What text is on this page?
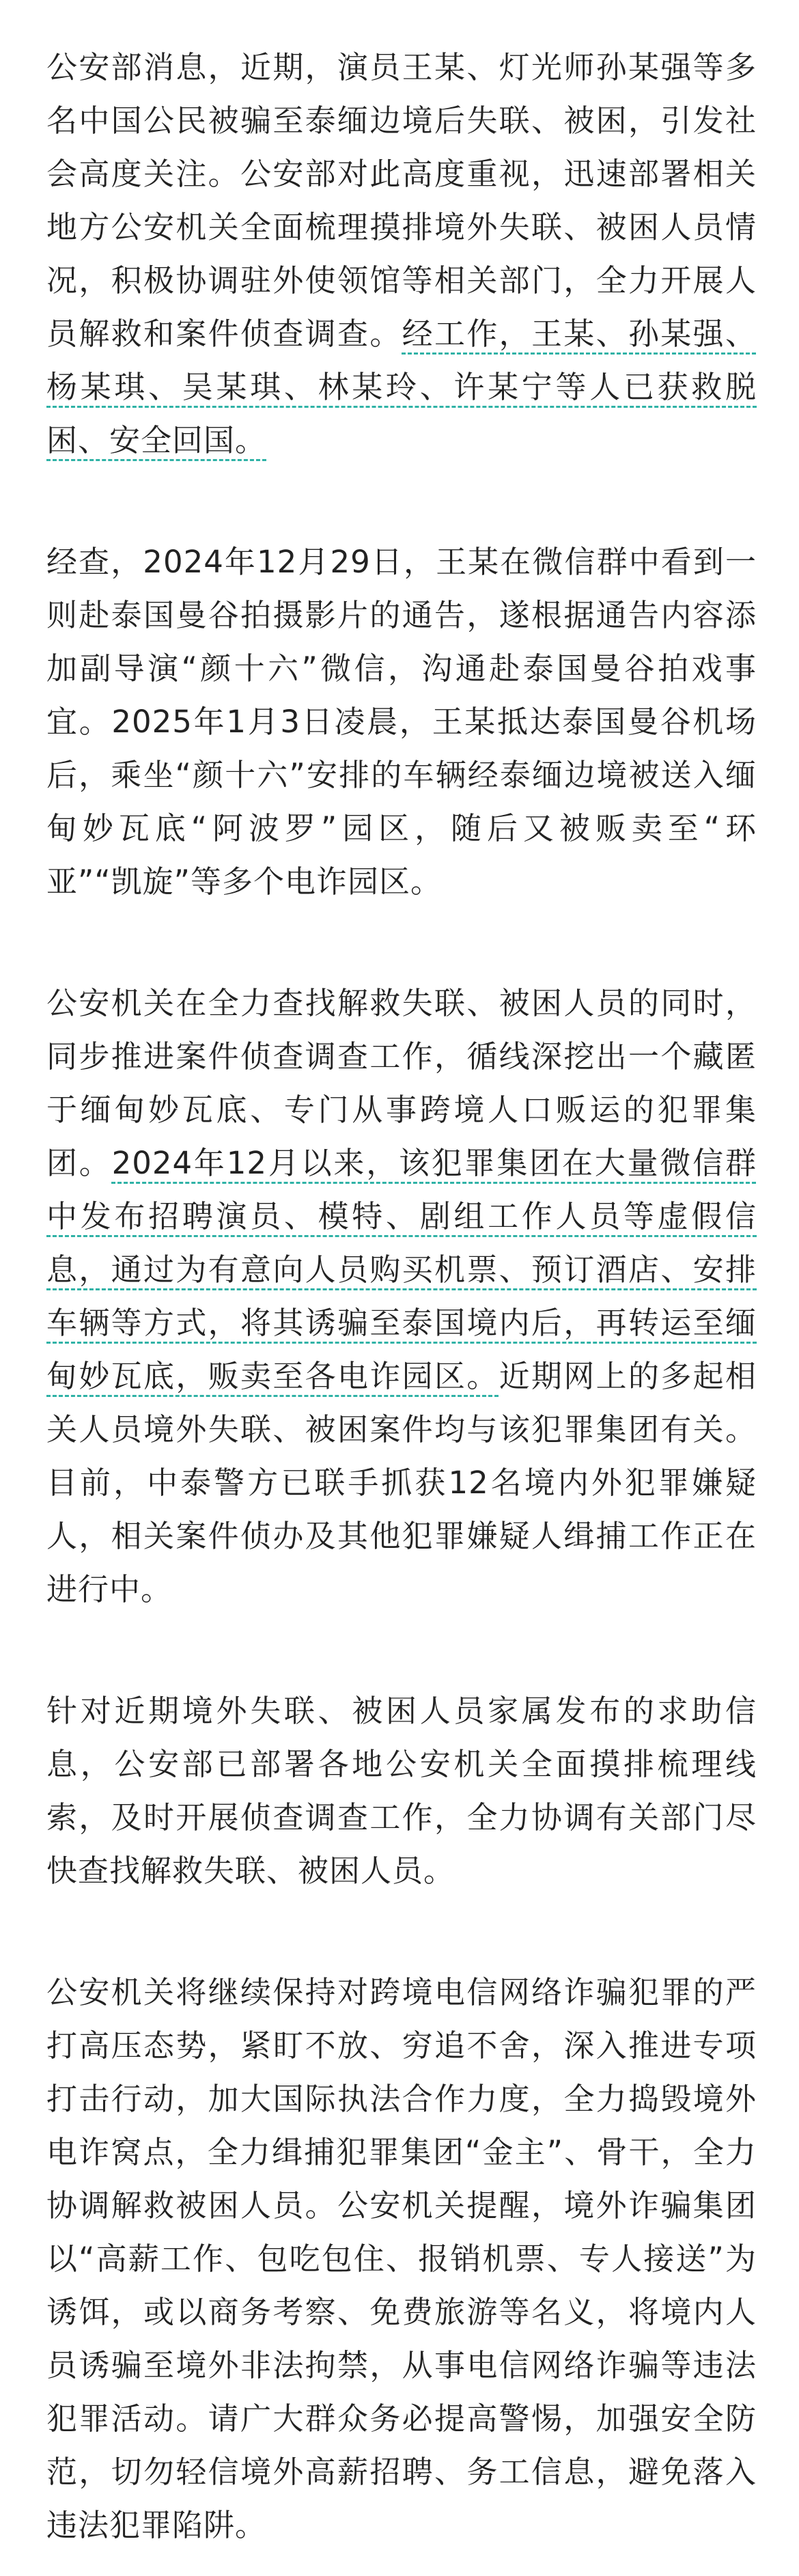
公安部消息，近期，演员王某、灯光师孙某强等多名中国公民被骗至泰缅边境后失联、被困，引发社会高度关注。公安部对此高度重视，迅速部署相关地方公安机关全面梳理摸排境外失联、被困人员情况，积极协调驻外使领馆等相关部门，全力开展人员解救和案件侦查调查。经工作，王某、孙某强、杨某琪、吴某琪、林某玲、许某宁等人已获救脱困、安全回国。

经查，2024年12月29日，王某在微信群中看到一则赴泰国曼谷拍摄影片的通告，遂根据通告内容添加副导演“颜十六”微信，沟通赴泰国曼谷拍戏事宜。2025年1月3日凌晨，王某抵达泰国曼谷机场后，乘坐“颜十六”安排的车辆经泰缅边境被送入缅甸妙瓦底“阿波罗”园区，随后又被贩卖至“环亚”“凯旋”等多个电诈园区。

公安机关在全力查找解救失联、被困人员的同时，同步推进案件侦查调查工作，循线深挖出一个藏匿于缅甸妙瓦底、专门从事跨境人口贩运的犯罪集团。2024年12月以来，该犯罪集团在大量微信群中发布招聘演员、模特、剧组工作人员等虚假信息，通过为有意向人员购买机票、预订酒店、安排车辆等方式，将其诱骗至泰国境内后，再转运至缅甸妙瓦底，贩卖至各电诈园区。近期网上的多起相关人员境外失联、被困案件均与该犯罪集团有关。目前，中泰警方已联手抓获12名境内外犯罪嫌疑人，相关案件侦办及其他犯罪嫌疑人缉捕工作正在进行中。

针对近期境外失联、被困人员家属发布的求助信息，公安部已部署各地公安机关全面摸排梳理线索，及时开展侦查调查工作，全力协调有关部门尽快查找解救失联、被困人员。

公安机关将继续保持对跨境电信网络诈骗犯罪的严打高压态势，紧盯不放、穷追不舍，深入推进专项打击行动，加大国际执法合作力度，全力捣毁境外电诈窝点，全力缉捕犯罪集团“金主”、骨干，全力协调解救被困人员。公安机关提醒，境外诈骗集团以“高薪工作、包吃包住、报销机票、专人接送”为诱饵，或以商务考察、免费旅游等名义，将境内人员诱骗至境外非法拘禁，从事电信网络诈骗等违法犯罪活动。请广大群众务必提高警惕，加强安全防范，切勿轻信境外高薪招聘、务工信息，避免落入违法犯罪陷阱。
